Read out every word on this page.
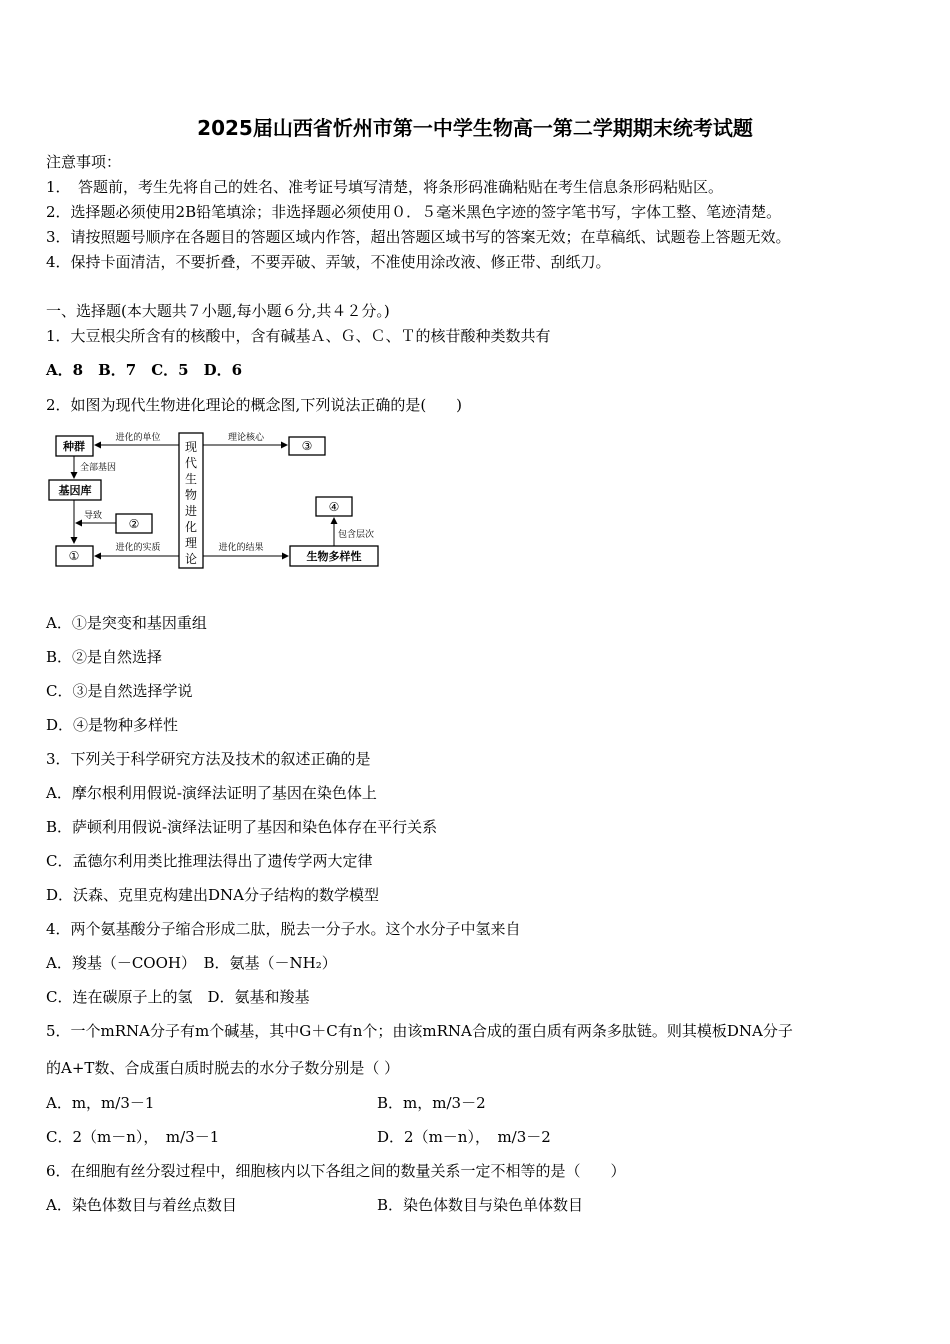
2025届山西省忻州市第一中学生物高一第二学期期末统考试题
注意事项：
1．　答题前，考生先将自己的姓名、准考证号填写清楚，将条形码准确粘贴在考生信息条形码粘贴区。
2．选择题必须使用2B铅笔填涂；非选择题必须使用０．５毫米黑色字迹的签字笔书写，字体工整、笔迹清楚。
3．请按照题号顺序在各题目的答题区域内作答，超出答题区域书写的答案无效；在草稿纸、试题卷上答题无效。
4．保持卡面清洁，不要折叠，不要弄破、弄皱，不准使用涂改液、修正带、刮纸刀。
一、选择题(本大题共７小题,每小题６分,共４２分。)
1．大豆根尖所含有的核酸中，含有碱基Ａ、Ｇ、Ｃ、Ｔ的核苷酸种类数共有
A．8　B．7　C．5　D．6
2．如图为现代生物进化理论的概念图,下列说法正确的是(　　)
现
代
生
物
进
化
理
论
种群
进化的单位
全部基因
基因库
②
导致
①
进化的实质
③
理论核心
生物多样性
进化的结果
④
包含层次
A．①是突变和基因重组
B．②是自然选择
C．③是自然选择学说
D．④是物种多样性
3．下列关于科学研究方法及技术的叙述正确的是
A．摩尔根利用假说-演绎法证明了基因在染色体上
B．萨顿利用假说-演绎法证明了基因和染色体存在平行关系
C．孟德尔利用类比推理法得出了遗传学两大定律
D．沃森、克里克构建出DNA分子结构的数学模型
4．两个氨基酸分子缩合形成二肽，脱去一分子水。这个水分子中氢来自
A．羧基（－COOH）　B．氨基（－NH₂）
C．连在碳原子上的氢　D．氨基和羧基
5．一个mRNA分子有m个碱基，其中G＋C有n个；由该mRNA合成的蛋白质有两条多肽链。则其模板DNA分子
的A+T数、合成蛋白质时脱去的水分子数分别是（ ）
A．m，m/3－1	B．m，m/3－2
C．2（m－n），　m/3－1	D．2（m－n），　m/3－2
6．在细胞有丝分裂过程中，细胞核内以下各组之间的数量关系一定不相等的是（　　）
A．染色体数目与着丝点数目	B．染色体数目与染色单体数目
